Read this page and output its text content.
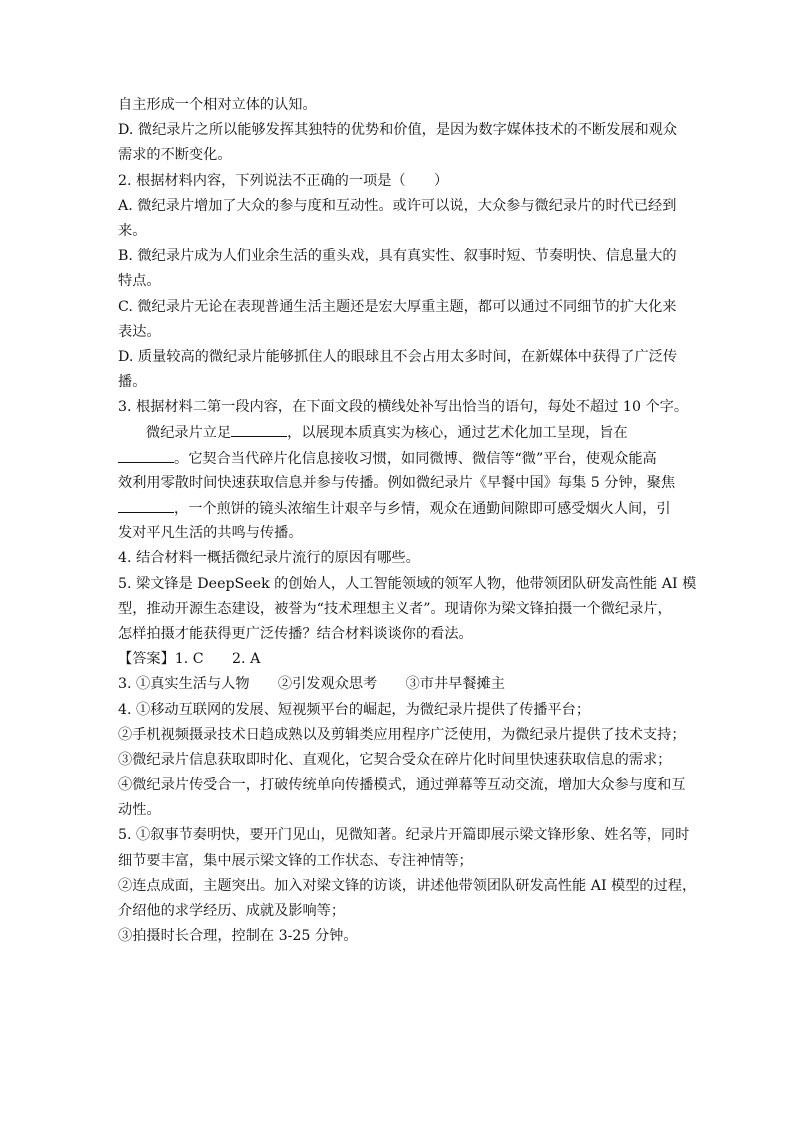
自主形成一个相对立体的认知。
D. 微纪录片之所以能够发挥其独特的优势和价值，是因为数字媒体技术的不断发展和观众
需求的不断变化。
2. 根据材料内容，下列说法不正确的一项是（　　）
A. 微纪录片增加了大众的参与度和互动性。或许可以说，大众参与微纪录片的时代已经到
来。
B. 微纪录片成为人们业余生活的重头戏，具有真实性、叙事时短、节奏明快、信息量大的
特点。
C. 微纪录片无论在表现普通生活主题还是宏大厚重主题，都可以通过不同细节的扩大化来
表达。
D. 质量较高的微纪录片能够抓住人的眼球且不会占用太多时间，在新媒体中获得了广泛传
播。
3. 根据材料二第一段内容，在下面文段的横线处补写出恰当的语句，每处不超过 10 个字。
微纪录片立足	，以展现本质真实为核心，通过艺术化加工呈现，旨在
。它契合当代碎片化信息接收习惯，如同微博、微信等“微”平台，使观众能高
效利用零散时间快速获取信息并参与传播。例如微纪录片《早餐中国》每集 5 分钟，聚焦
，一个煎饼的镜头浓缩生计艰辛与乡情，观众在通勤间隙即可感受烟火人间，引
发对平凡生活的共鸣与传播。
4. 结合材料一概括微纪录片流行的原因有哪些。
5. 梁文锋是 DeepSeek 的创始人，人工智能领域的领军人物，他带领团队研发高性能 AI 模
型，推动开源生态建设，被誉为“技术理想主义者”。现请你为梁文锋拍摄一个微纪录片，
怎样拍摄才能获得更广泛传播？结合材料谈谈你的看法。
【答案】1. C　　2. A
3. ①真实生活与人物　　②引发观众思考　　③市井早餐摊主
4. ①移动互联网的发展、短视频平台的崛起，为微纪录片提供了传播平台；
②手机视频摄录技术日趋成熟以及剪辑类应用程序广泛使用，为微纪录片提供了技术支持；
③微纪录片信息获取即时化、直观化，它契合受众在碎片化时间里快速获取信息的需求；
④微纪录片传受合一，打破传统单向传播模式，通过弹幕等互动交流，增加大众参与度和互
动性。
5. ①叙事节奏明快，要开门见山，见微知著。纪录片开篇即展示梁文锋形象、姓名等，同时
细节要丰富，集中展示梁文锋的工作状态、专注神情等；
②连点成面，主题突出。加入对梁文锋的访谈，讲述他带领团队研发高性能 AI 模型的过程，
介绍他的求学经历、成就及影响等；
③拍摄时长合理，控制在 3-25 分钟。
